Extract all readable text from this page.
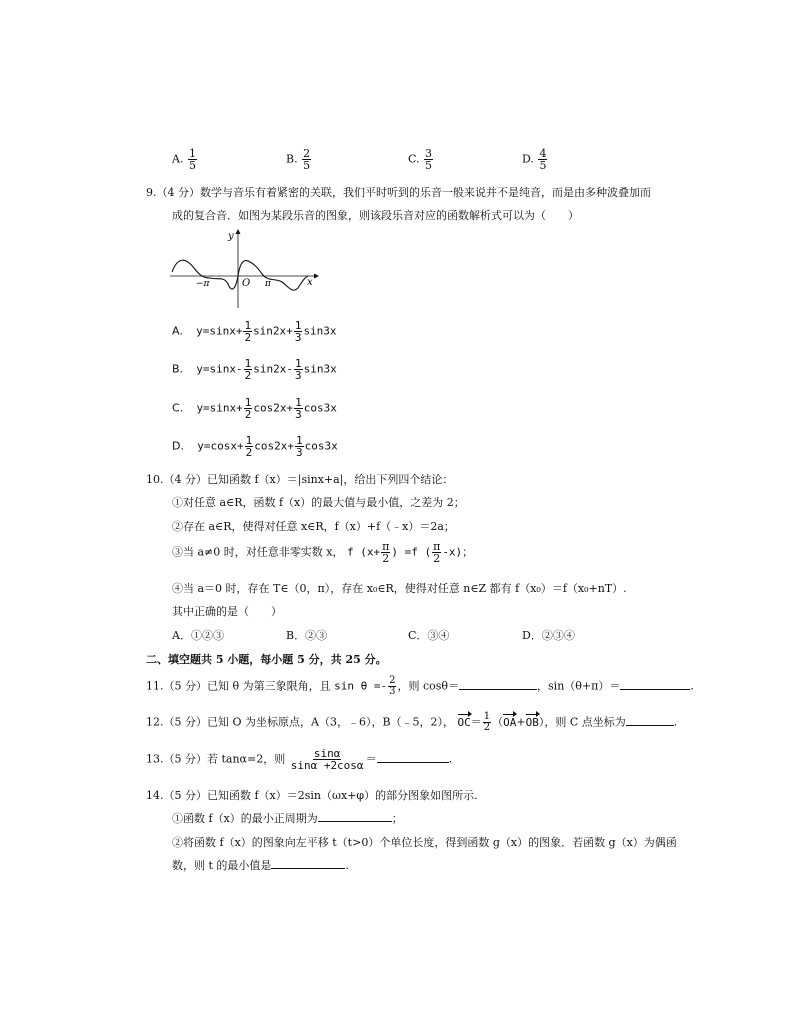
A. $\frac{1}{5}$	B. $\frac{2}{5}$	C. $\frac{3}{5}$	D. $\frac{4}{5}$
9.（4 分）数学与音乐有着紧密的关联，我们平时听到的乐音一般来说并不是纯音，而是由多种波叠加而
成的复合音．如图为某段乐音的图象，则该段乐音对应的函数解析式可以为（　　）
y
x
O
−π	π
A. $y=\sin x+ \frac{1}{2} \sin 2x+ \frac{1}{3} \sin 3x$
B. $y=\sin x- \frac{1}{2} \sin 2x- \frac{1}{3} \sin 3x$
C. $y=\sin x+ \frac{1}{2} \cos 2x+ \frac{1}{3} \cos 3x$
D. $y=\cos x+ \frac{1}{2} \cos 2x+ \frac{1}{3} \cos 3x$
10.（4 分）已知函数 f（x）＝|sinx+a|，给出下列四个结论：
①对任意 a∈R，函数 f（x）的最大值与最小值，之差为 2；
②存在 a∈R，使得对任意 x∈R，f（x）+f（﹣x）＝2a；
③当 a≠0 时，对任意非零实数 x， f ($x+ \frac{\pi}{2}$ ) =f ( $\frac{\pi}{2} -x$)；
④当 a＝0 时，存在 T∈（0，π），存在 x₀∈R，使得对任意 n∈Z 都有 f（x₀）＝f（x₀+nT）.
其中正确的是（　　）
A．①②③	B．②③	C．③④	D．②③④
二、填空题共 5 小题，每小题 5 分，共 25 分。
11.（5 分）已知 θ 为第三象限角，且 $\sin \theta =- \frac{2}{3}$ ，则 cosθ＝	，sin（θ+π）＝	.
12.（5 分）已知 O 为坐标原点，A（3，﹣6），B（﹣5，2）， $OC= \frac{1}{2} (OA+OB)$，则 C 点坐标为	.
13.（5 分）若 tanα=2，则 $\frac{\sin\alpha}{\sin\alpha +2\cos\alpha}$ ＝	.
14.（5 分）已知函数 f（x）＝2sin（ωx+φ）的部分图象如图所示.
①函数 f（x）的最小正周期为	；
②将函数 f（x）的图象向左平移 t（t>0）个单位长度，得到函数 g（x）的图象．若函数 g（x）为偶函
数，则 t 的最小值是	.
